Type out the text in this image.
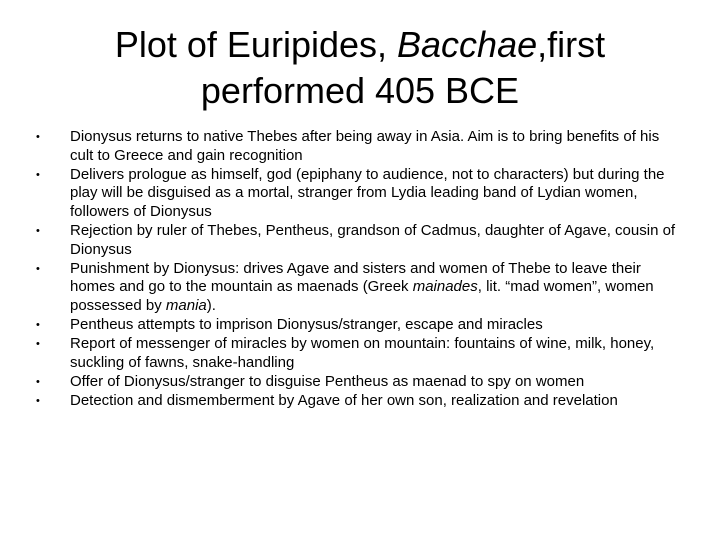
Plot of Euripides, Bacchae,first performed 405 BCE
• Dionysus returns to native Thebes after being away in Asia. Aim is to bring benefits of his cult to Greece and gain recognition
• Delivers prologue as himself, god (epiphany to audience, not to characters) but during the play will be disguised as a mortal, stranger from Lydia leading band of Lydian women, followers of Dionysus
• Rejection by ruler of Thebes, Pentheus, grandson of Cadmus, daughter of Agave, cousin of Dionysus
• Punishment by Dionysus: drives Agave and sisters and women of Thebe to leave their homes and go to the mountain as maenads (Greek mainades, lit. “mad women”, women possessed by mania).
• Pentheus attempts to imprison Dionysus/stranger, escape and miracles
• Report of messenger of miracles by women on mountain: fountains of wine, milk, honey, suckling of fawns, snake-handling
• Offer of Dionysus/stranger to disguise Pentheus as maenad to spy on women
• Detection and dismemberment by Agave of her own son, realization and revelation
